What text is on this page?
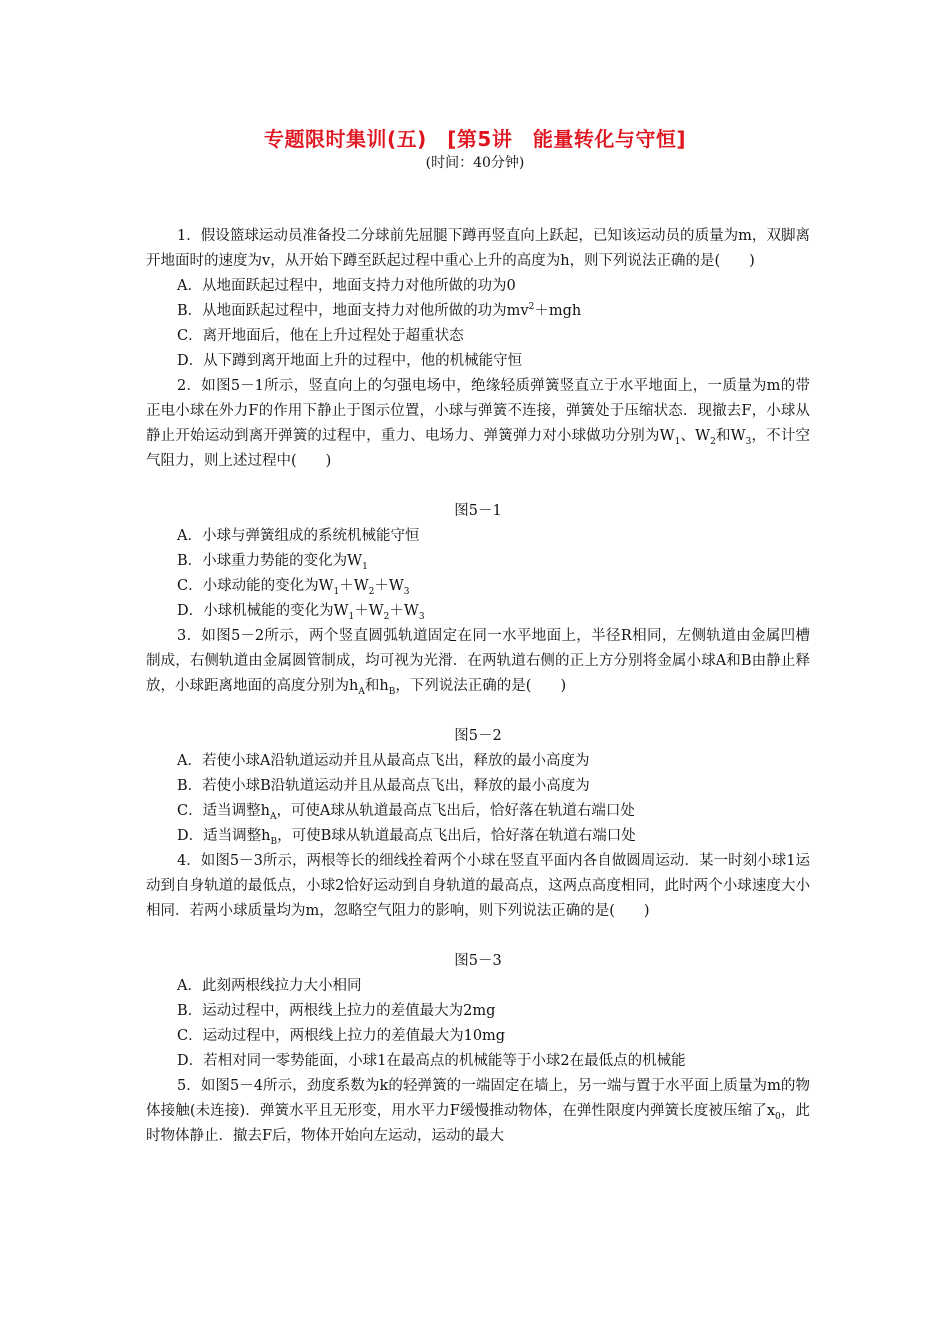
专题限时集训(五)　[第5讲　能量转化与守恒]
(时间：40分钟)

1．假设篮球运动员准备投二分球前先屈腿下蹲再竖直向上跃起，已知该运动员的质量为m，双脚离开地面时的速度为v，从开始下蹲至跃起过程中重心上升的高度为h，则下列说法正确的是(　　)

A．从地面跃起过程中，地面支持力对他所做的功为0

B．从地面跃起过程中，地面支持力对他所做的功为$mv^2+mgh$

C．离开地面后，他在上升过程处于超重状态

D．从下蹲到离开地面上升的过程中，他的机械能守恒

2．如图5－1所示，竖直向上的匀强电场中，绝缘轻质弹簧竖直立于水平地面上，一质量为m的带正电小球在外力F的作用下静止于图示位置，小球与弹簧不连接，弹簧处于压缩状态．现撤去F，小球从静止开始运动到离开弹簧的过程中，重力、电场力、弹簧弹力对小球做功分别为$W_1$、$W_2$和$W_3$，不计空气阻力，则上述过程中(　　)

图5－1

A．小球与弹簧组成的系统机械能守恒

B．小球重力势能的变化为$W_1$

C．小球动能的变化为$W_1+W_2+W_3$

D．小球机械能的变化为$W_1+W_2+W_3$

3．如图5－2所示，两个竖直圆弧轨道固定在同一水平地面上，半径R相同，左侧轨道由金属凹槽制成，右侧轨道由金属圆管制成，均可视为光滑．在两轨道右侧的正上方分别将金属小球A和B由静止释放，小球距离地面的高度分别为$h_A$和$h_B$，下列说法正确的是(　　)

图5－2

A．若使小球A沿轨道运动并且从最高点飞出，释放的最小高度为

B．若使小球B沿轨道运动并且从最高点飞出，释放的最小高度为

C．适当调整$h_A$，可使A球从轨道最高点飞出后，恰好落在轨道右端口处

D．适当调整$h_B$，可使B球从轨道最高点飞出后，恰好落在轨道右端口处

4．如图5－3所示，两根等长的细线拴着两个小球在竖直平面内各自做圆周运动．某一时刻小球1运动到自身轨道的最低点，小球2恰好运动到自身轨道的最高点，这两点高度相同，此时两个小球速度大小相同．若两小球质量均为m，忽略空气阻力的影响，则下列说法正确的是(　　)

图5－3

A．此刻两根线拉力大小相同

B．运动过程中，两根线上拉力的差值最大为2mg

C．运动过程中，两根线上拉力的差值最大为10mg

D．若相对同一零势能面，小球1在最高点的机械能等于小球2在最低点的机械能

5．如图5－4所示，劲度系数为k的轻弹簧的一端固定在墙上，另一端与置于水平面上质量为m的物体接触(未连接)．弹簧水平且无形变，用水平力F缓慢推动物体，在弹性限度内弹簧长度被压缩了$x_0$，此时物体静止．撤去F后，物体开始向左运动，运动的最大
